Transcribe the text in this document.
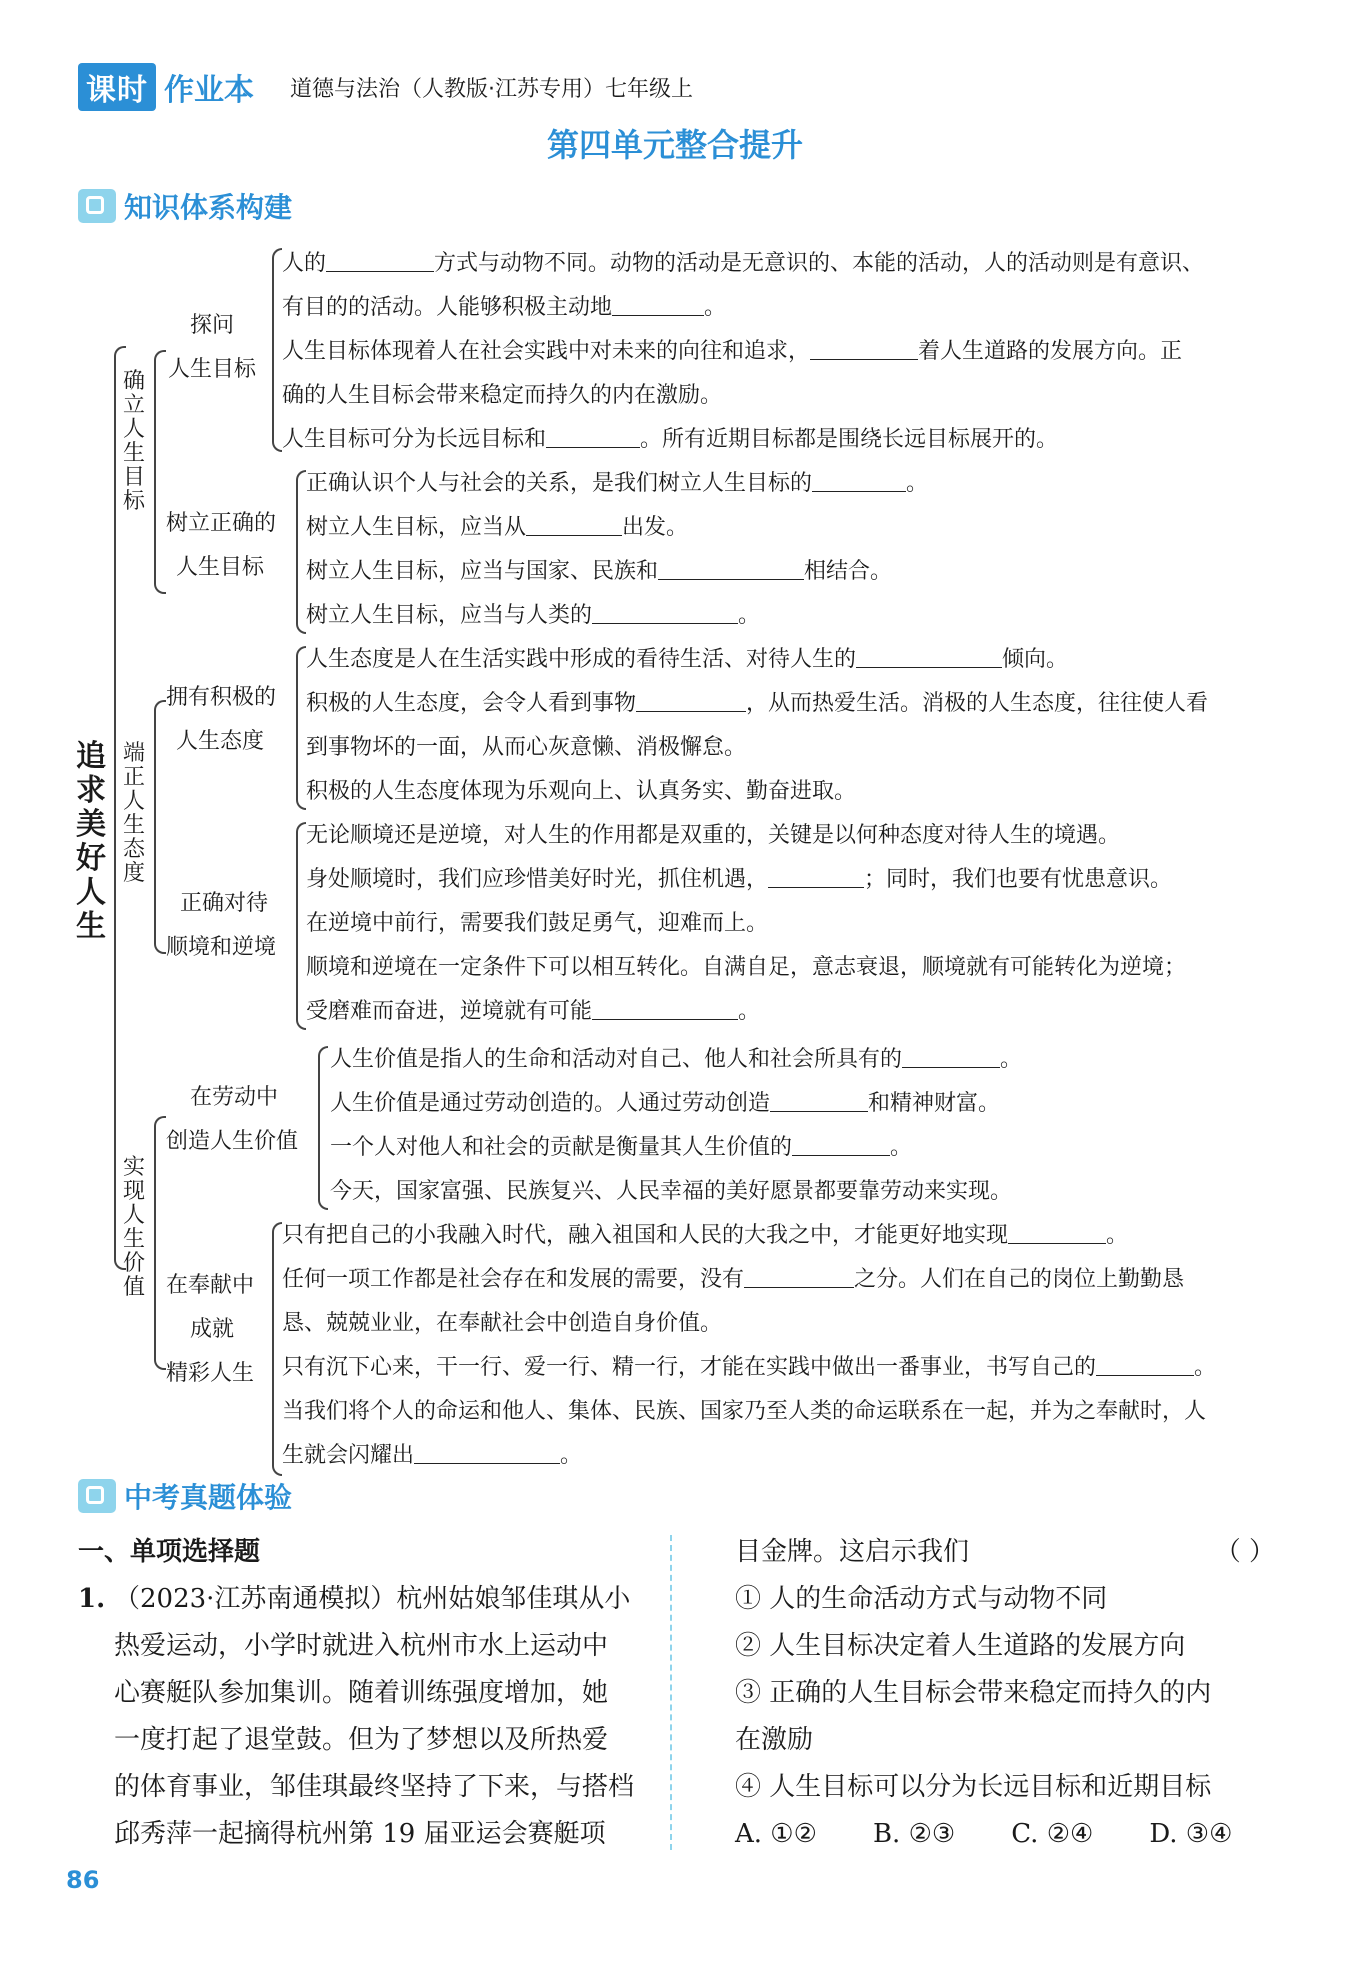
课时 作业本 道德与法治（人教版·江苏专用）七年级上
第四单元整合提升
知识体系构建
追求美好人生
确立人生目标
探问
人生目标
人的	方式与动物不同。动物的活动是无意识的、本能的活动，人的活动则是有意识、
有目的的活动。人能够积极主动地	。
人生目标体现着人在社会实践中对未来的向往和追求，	着人生道路的发展方向。正
确的人生目标会带来稳定而持久的内在激励。
人生目标可分为长远目标和	。所有近期目标都是围绕长远目标展开的。
树立正确的
人生目标
正确认识个人与社会的关系，是我们树立人生目标的	。
树立人生目标，应当从	出发。
树立人生目标，应当与国家、民族和	相结合。
树立人生目标，应当与人类的	。
端正人生态度
拥有积极的
人生态度
人生态度是人在生活实践中形成的看待生活、对待人生的	倾向。
积极的人生态度，会令人看到事物	，从而热爱生活。消极的人生态度，往往使人看
到事物坏的一面，从而心灰意懒、消极懈怠。
积极的人生态度体现为乐观向上、认真务实、勤奋进取。
正确对待
顺境和逆境
无论顺境还是逆境，对人生的作用都是双重的，关键是以何种态度对待人生的境遇。
身处顺境时，我们应珍惜美好时光，抓住机遇，	；同时，我们也要有忧患意识。
在逆境中前行，需要我们鼓足勇气，迎难而上。
顺境和逆境在一定条件下可以相互转化。自满自足，意志衰退，顺境就有可能转化为逆境；
受磨难而奋进，逆境就有可能	。
实现人生价值
在劳动中
创造人生价值
人生价值是指人的生命和活动对自己、他人和社会所具有的	。
人生价值是通过劳动创造的。人通过劳动创造	和精神财富。
一个人对他人和社会的贡献是衡量其人生价值的	。
今天，国家富强、民族复兴、人民幸福的美好愿景都要靠劳动来实现。
在奉献中
成就
精彩人生
只有把自己的小我融入时代，融入祖国和人民的大我之中，才能更好地实现	。
任何一项工作都是社会存在和发展的需要，没有	之分。人们在自己的岗位上勤勤恳
恳、兢兢业业，在奉献社会中创造自身价值。
只有沉下心来，干一行、爱一行、精一行，才能在实践中做出一番事业，书写自己的	。
当我们将个人的命运和他人、集体、民族、国家乃至人类的命运联系在一起，并为之奉献时，人
生就会闪耀出	。
中考真题体验
一、单项选择题
1. （2023·江苏南通模拟）杭州姑娘邹佳琪从小
热爱运动，小学时就进入杭州市水上运动中
心赛艇队参加集训。随着训练强度增加，她
一度打起了退堂鼓。但为了梦想以及所热爱
的体育事业，邹佳琪最终坚持了下来，与搭档
邱秀萍一起摘得杭州第 19 届亚运会赛艇项
目金牌。这启示我们	（ ）
① 人的生命活动方式与动物不同
② 人生目标决定着人生道路的发展方向
③ 正确的人生目标会带来稳定而持久的内
在激励
④ 人生目标可以分为长远目标和近期目标
A. ①② B. ②③ C. ②④ D. ③④
86
